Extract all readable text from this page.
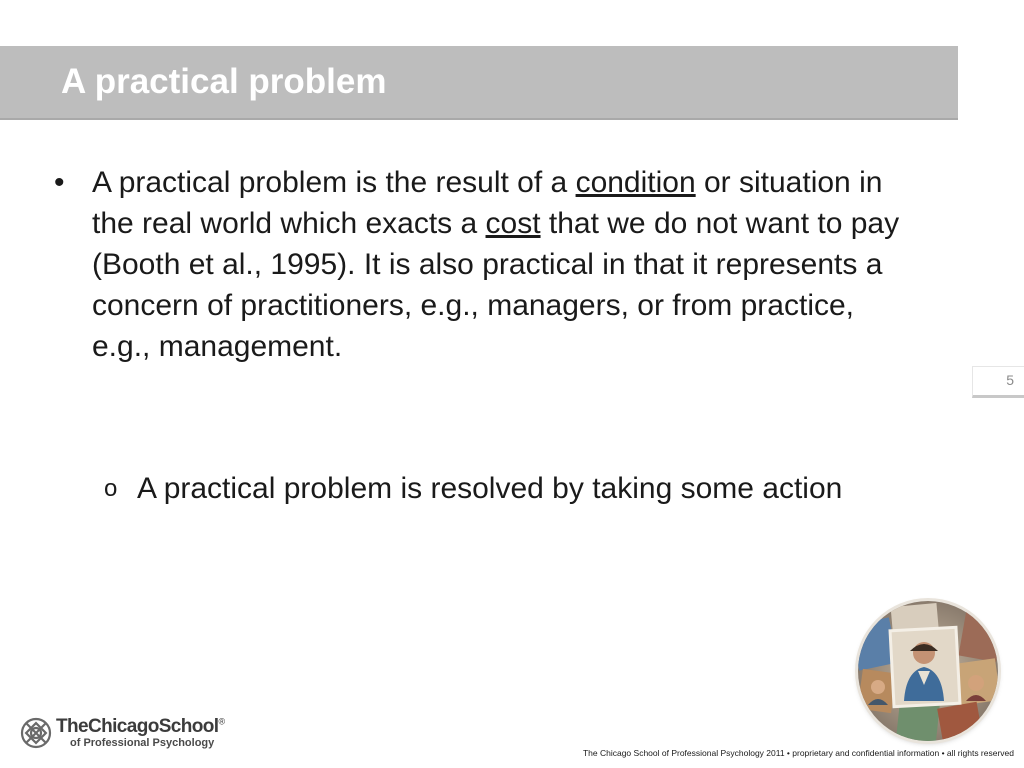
A practical problem
• A practical problem is the result of a condition or situation in the real world which exacts a cost that we do not want to pay (Booth et al., 1995). It is also practical in that it represents a concern of practitioners, e.g., managers, or from practice, e.g., management.
o A practical problem is resolved by taking some action
5
TheChicagoSchool®
of Professional Psychology
The Chicago School of Professional Psychology 2011 • proprietary and confidential information • all rights reserved
